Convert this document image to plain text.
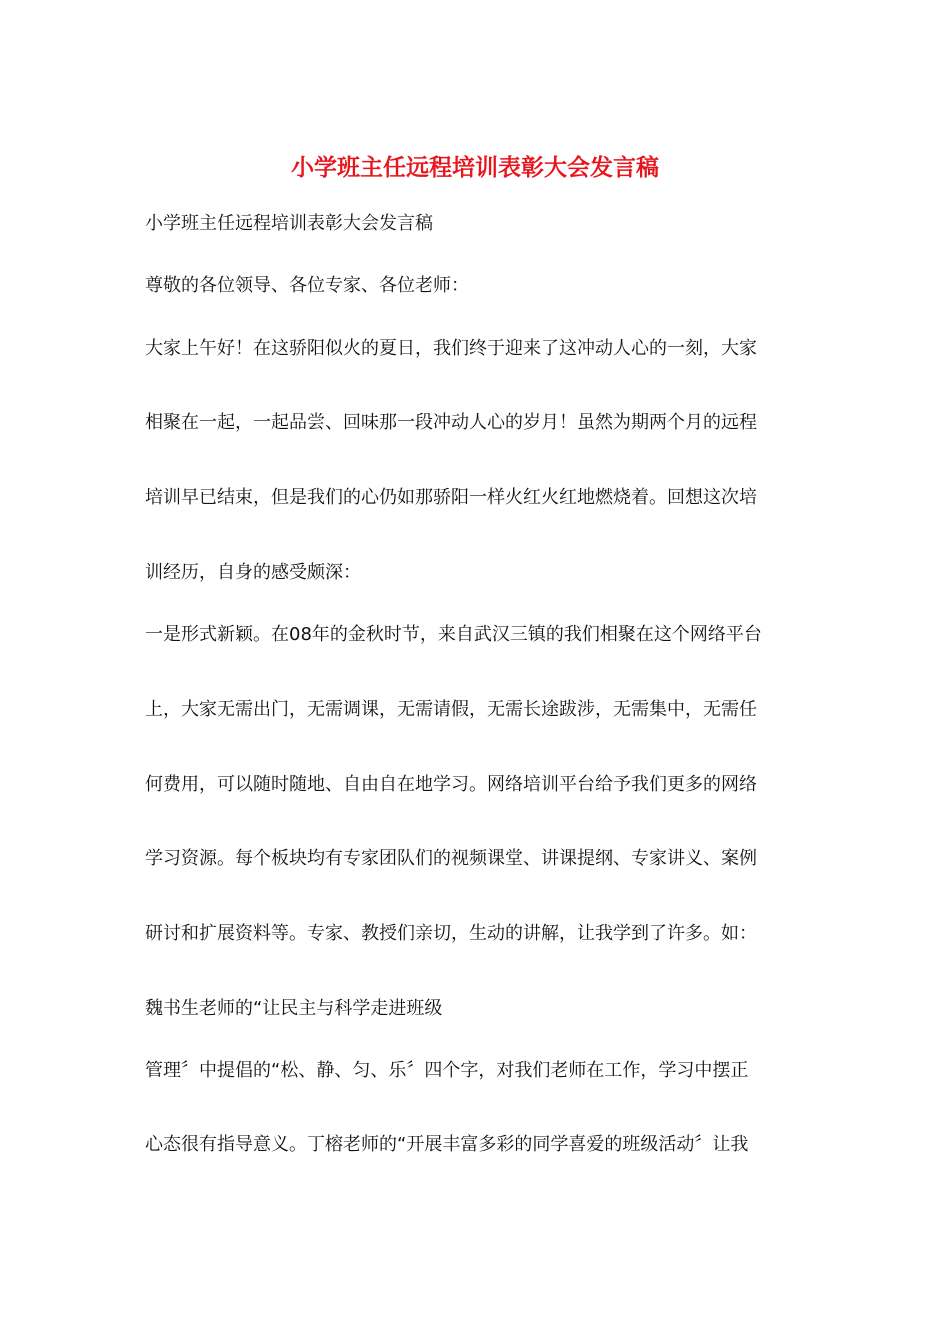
小学班主任远程培训表彰大会发言稿
小学班主任远程培训表彰大会发言稿
尊敬的各位领导、各位专家、各位老师：
大家上午好！在这骄阳似火的夏日，我们终于迎来了这冲动人心的一刻，大家
相聚在一起，一起品尝、回味那一段冲动人心的岁月！虽然为期两个月的远程
培训早已结束，但是我们的心仍如那骄阳一样火红火红地燃烧着。回想这次培
训经历，自身的感受颇深：
一是形式新颖。在08年的金秋时节，来自武汉三镇的我们相聚在这个网络平台
上，大家无需出门，无需调课，无需请假，无需长途跋涉，无需集中，无需任
何费用，可以随时随地、自由自在地学习。网络培训平台给予我们更多的网络
学习资源。每个板块均有专家团队们的视频课堂、讲课提纲、专家讲义、案例
研讨和扩展资料等。专家、教授们亲切，生动的讲解，让我学到了许多。如：
魏书生老师的“让民主与科学走进班级
管理〞中提倡的“松、静、匀、乐〞四个字，对我们老师在工作，学习中摆正
心态很有指导意义。丁榕老师的“开展丰富多彩的同学喜爱的班级活动〞让我
